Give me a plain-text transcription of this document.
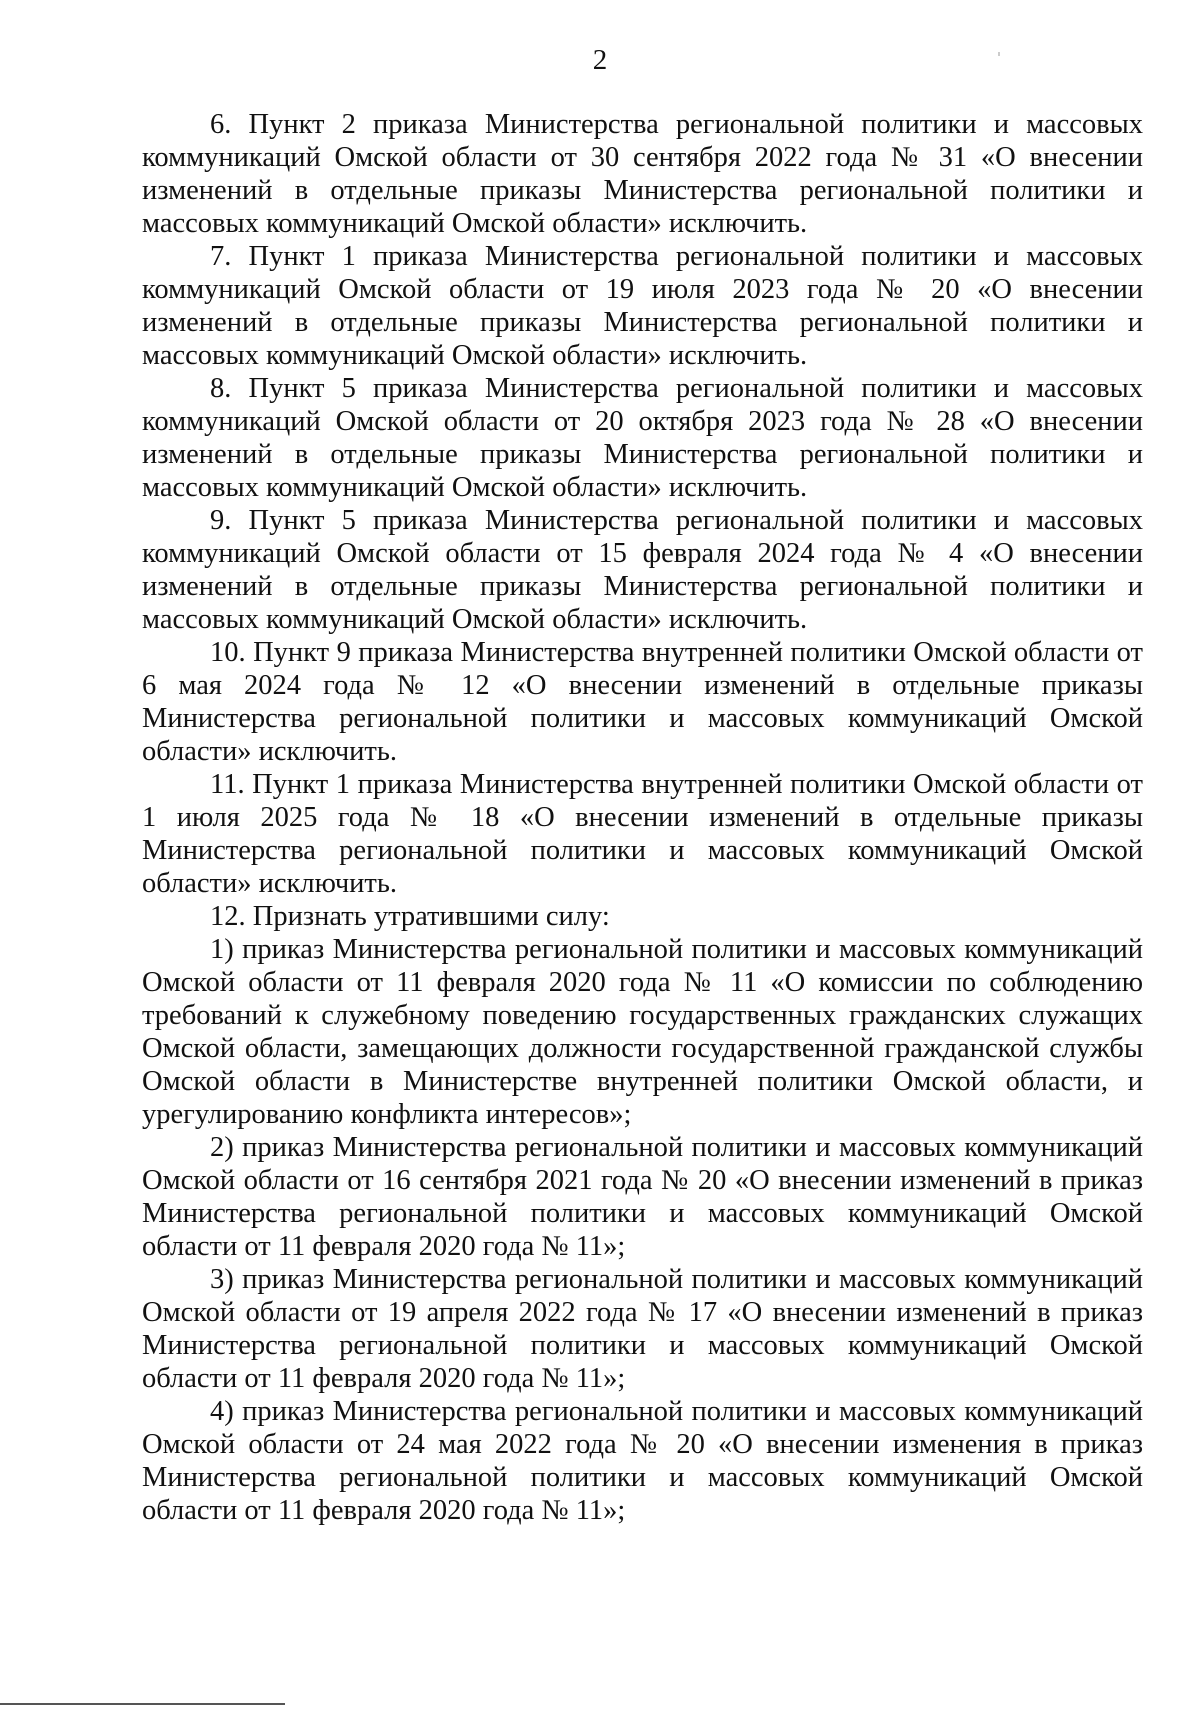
2

6. Пункт 2 приказа Министерства региональной политики и массовых коммуникаций Омской области от 30 сентября 2022 года № 31 «О внесении изменений в отдельные приказы Министерства региональной политики и массовых коммуникаций Омской области» исключить.

7. Пункт 1 приказа Министерства региональной политики и массовых коммуникаций Омской области от 19 июля 2023 года № 20 «О внесении изменений в отдельные приказы Министерства региональной политики и массовых коммуникаций Омской области» исключить.

8. Пункт 5 приказа Министерства региональной политики и массовых коммуникаций Омской области от 20 октября 2023 года № 28 «О внесении изменений в отдельные приказы Министерства региональной политики и массовых коммуникаций Омской области» исключить.

9. Пункт 5 приказа Министерства региональной политики и массовых коммуникаций Омской области от 15 февраля 2024 года № 4 «О внесении изменений в отдельные приказы Министерства региональной политики и массовых коммуникаций Омской области» исключить.

10. Пункт 9 приказа Министерства внутренней политики Омской области от 6 мая 2024 года № 12 «О внесении изменений в отдельные приказы Министерства региональной политики и массовых коммуникаций Омской области» исключить.

11. Пункт 1 приказа Министерства внутренней политики Омской области от 1 июля 2025 года № 18 «О внесении изменений в отдельные приказы Министерства региональной политики и массовых коммуникаций Омской области» исключить.

12. Признать утратившими силу:

1) приказ Министерства региональной политики и массовых коммуникаций Омской области от 11 февраля 2020 года № 11 «О комиссии по соблюдению требований к служебному поведению государственных гражданских служащих Омской области, замещающих должности государственной гражданской службы Омской области в Министерстве внутренней политики Омской области, и урегулированию конфликта интересов»;

2) приказ Министерства региональной политики и массовых коммуникаций Омской области от 16 сентября 2021 года № 20 «О внесении изменений в приказ Министерства региональной политики и массовых коммуникаций Омской области от 11 февраля 2020 года № 11»;

3) приказ Министерства региональной политики и массовых коммуникаций Омской области от 19 апреля 2022 года № 17 «О внесении изменений в приказ Министерства региональной политики и массовых коммуникаций Омской области от 11 февраля 2020 года № 11»;

4) приказ Министерства региональной политики и массовых коммуникаций Омской области от 24 мая 2022 года № 20 «О внесении изменения в приказ Министерства региональной политики и массовых коммуникаций Омской области от 11 февраля 2020 года № 11»;
